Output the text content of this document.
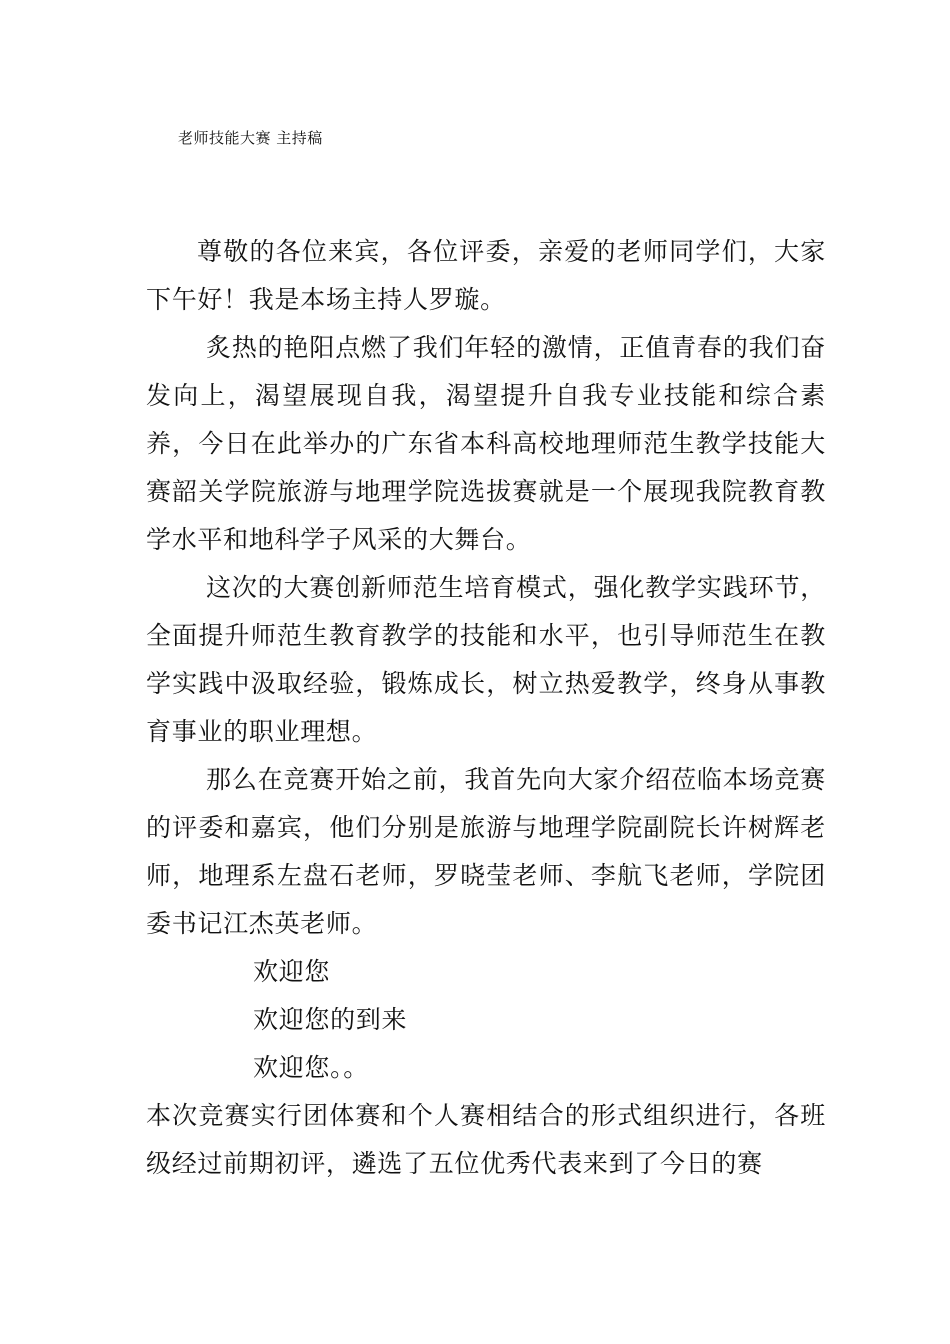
老师技能大赛 主持稿

尊敬的各位来宾，各位评委，亲爱的老师同学们，大家下午好！我是本场主持人罗璇。

炙热的艳阳点燃了我们年轻的激情，正值青春的我们奋发向上，渴望展现自我，渴望提升自我专业技能和综合素养，今日在此举办的广东省本科高校地理师范生教学技能大赛韶关学院旅游与地理学院选拔赛就是一个展现我院教育教学水平和地科学子风采的大舞台。

这次的大赛创新师范生培育模式，强化教学实践环节，全面提升师范生教育教学的技能和水平，也引导师范生在教学实践中汲取经验，锻炼成长，树立热爱教学，终身从事教育事业的职业理想。

那么在竞赛开始之前，我首先向大家介绍莅临本场竞赛的评委和嘉宾，他们分别是旅游与地理学院副院长许树辉老师，地理系左盘石老师，罗晓莹老师、李航飞老师，学院团委书记江杰英老师。

欢迎您

欢迎您的到来

欢迎您。。

本次竞赛实行团体赛和个人赛相结合的形式组织进行，各班级经过前期初评，遴选了五位优秀代表来到了今日的赛
